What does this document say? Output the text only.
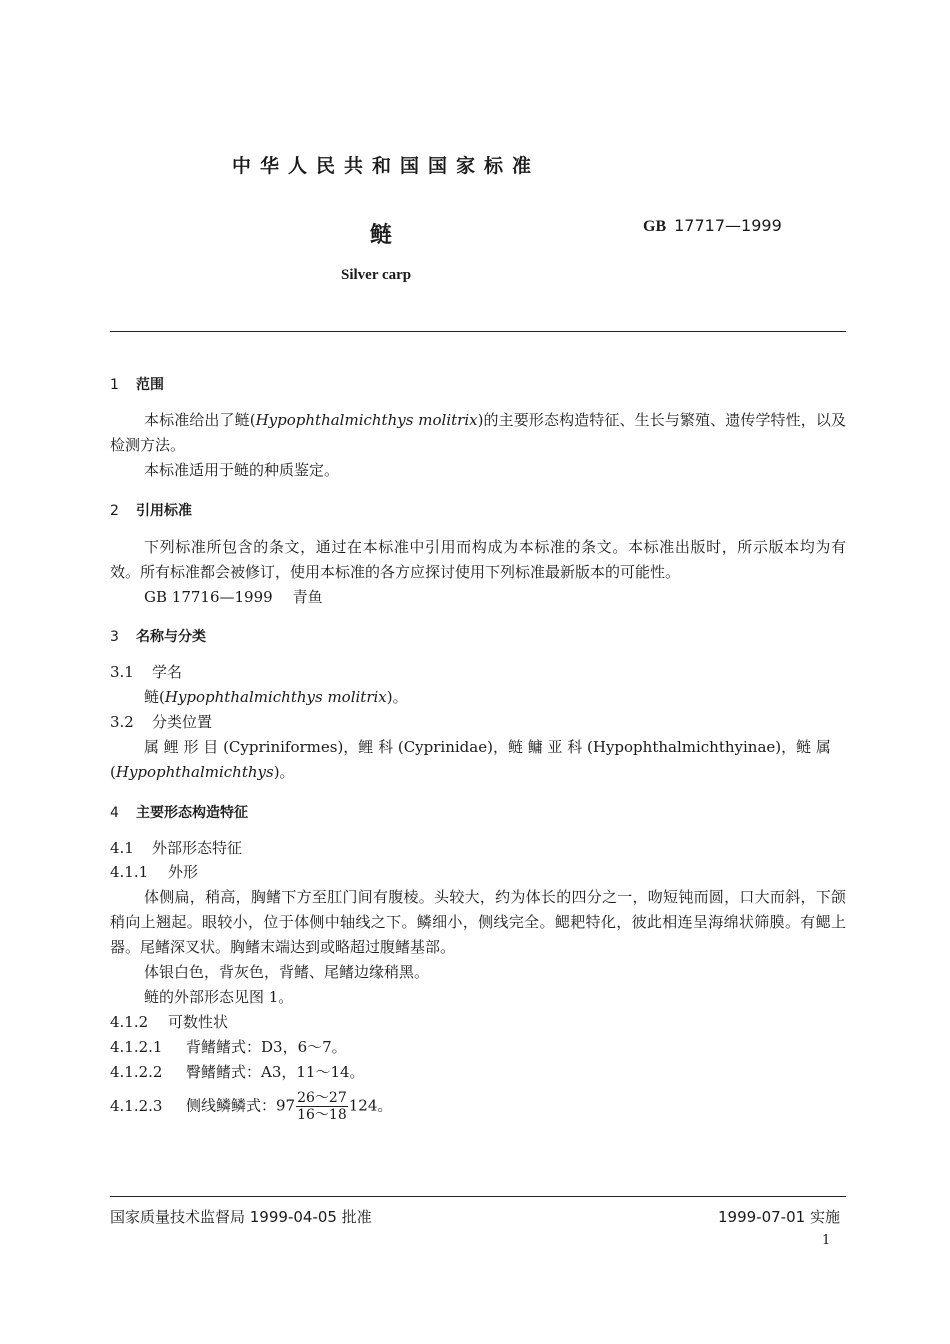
中华人民共和国国家标准
鲢	GB 17717—1999
Silver carp
1 范围
本标准给出了鲢(Hypophthalmichthys molitrix)的主要形态构造特征、生长与繁殖、遗传学特性，以及检测方法。
本标准适用于鲢的种质鉴定。
2 引用标准
下列标准所包含的条文，通过在本标准中引用而构成为本标准的条文。本标准出版时，所示版本均为有效。所有标准都会被修订，使用本标准的各方应探讨使用下列标准最新版本的可能性。
GB 17716—1999 青鱼
3 名称与分类
3.1 学名
鲢(Hypophthalmichthys molitrix)。
3.2 分类位置
属 鲤 形 目 (Cypriniformes)，鲤 科 (Cyprinidae)，鲢 鳙 亚 科 (Hypophthalmichthyinae)，鲢 属
(Hypophthalmichthys)。
4 主要形态构造特征
4.1 外部形态特征
4.1.1 外形
体侧扁，稍高，胸鳍下方至肛门间有腹棱。头较大，约为体长的四分之一，吻短钝而圆，口大而斜，下颌稍向上翘起。眼较小，位于体侧中轴线之下。鳞细小，侧线完全。鳃耙特化，彼此相连呈海绵状筛膜。有鳃上器。尾鳍深叉状。胸鳍末端达到或略超过腹鳍基部。
体银白色，背灰色，背鳍、尾鳍边缘稍黑。
鲢的外部形态见图 1。
4.1.2 可数性状
4.1.2.1 背鳍鳍式：D3，6～7。
4.1.2.2 臀鳍鳍式：A3，11～14。
4.1.2.3 侧线鳞鳞式：$97 \frac{26\sim 27}{16\sim 18} 124$。
国家质量技术监督局 1999-04-05 批准	1999-07-01 实施
1
